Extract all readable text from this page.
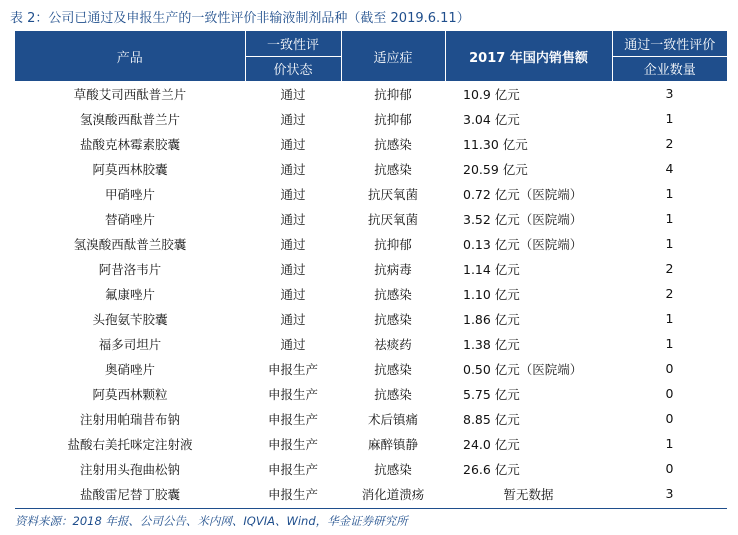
表 2：公司已通过及申报生产的一致性评价非输液制剂品种（截至 2019.6.11）
产品	一致性评	适应症	2017 年国内销售额	通过一致性评价
	价状态			企业数量
草酸艾司西酞普兰片	通过	抗抑郁	10.9 亿元	3
氢溴酸西酞普兰片	通过	抗抑郁	3.04 亿元	1
盐酸克林霉素胶囊	通过	抗感染	11.30 亿元	2
阿莫西林胶囊	通过	抗感染	20.59 亿元	4
甲硝唑片	通过	抗厌氧菌	0.72 亿元（医院端）	1
替硝唑片	通过	抗厌氧菌	3.52 亿元（医院端）	1
氢溴酸西酞普兰胶囊	通过	抗抑郁	0.13 亿元（医院端）	1
阿昔洛韦片	通过	抗病毒	1.14 亿元	2
氟康唑片	通过	抗感染	1.10 亿元	2
头孢氨苄胶囊	通过	抗感染	1.86 亿元	1
福多司坦片	通过	祛痰药	1.38 亿元	1
奥硝唑片	申报生产	抗感染	0.50 亿元（医院端）	0
阿莫西林颗粒	申报生产	抗感染	5.75 亿元	0
注射用帕瑞昔布钠	申报生产	术后镇痛	8.85 亿元	0
盐酸右美托咪定注射液	申报生产	麻醉镇静	24.0 亿元	1
注射用头孢曲松钠	申报生产	抗感染	26.6 亿元	0
盐酸雷尼替丁胶囊	申报生产	消化道溃疡	暂无数据	3
资料来源：2018 年报、公司公告、米内网、IQVIA、Wind，华金证券研究所
